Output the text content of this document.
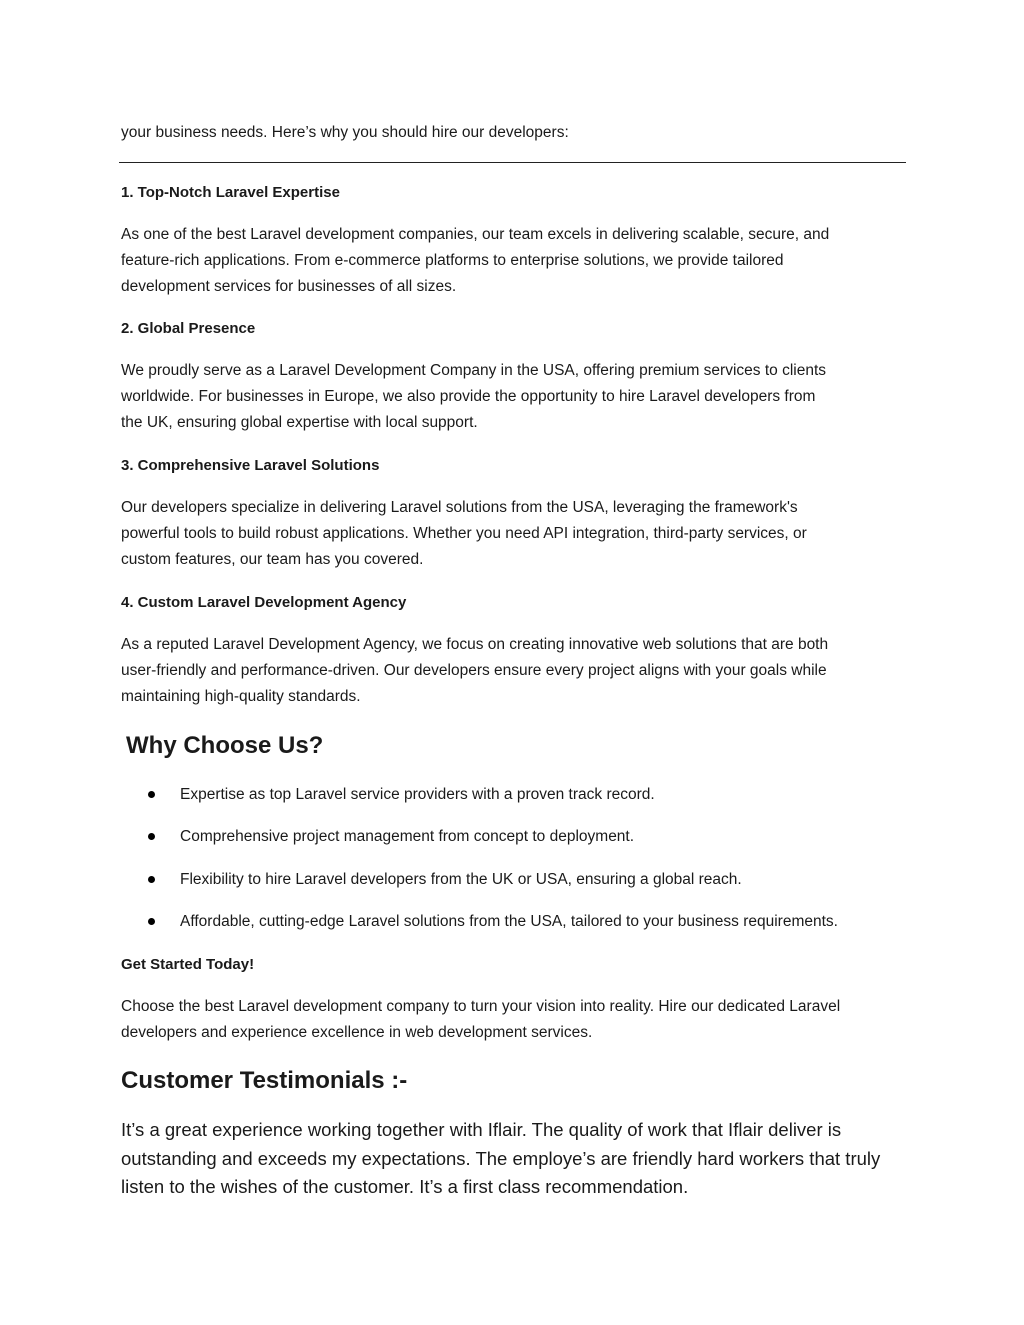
your business needs. Here’s why you should hire our developers:
1. Top-Notch Laravel Expertise
As one of the best Laravel development companies, our team excels in delivering scalable, secure, and
feature-rich applications. From e-commerce platforms to enterprise solutions, we provide tailored
development services for businesses of all sizes.
2. Global Presence
We proudly serve as a Laravel Development Company in the USA, offering premium services to clients
worldwide. For businesses in Europe, we also provide the opportunity to hire Laravel developers from
the UK, ensuring global expertise with local support.
3. Comprehensive Laravel Solutions
Our developers specialize in delivering Laravel solutions from the USA, leveraging the framework's
powerful tools to build robust applications. Whether you need API integration, third-party services, or
custom features, our team has you covered.
4. Custom Laravel Development Agency
As a reputed Laravel Development Agency, we focus on creating innovative web solutions that are both
user-friendly and performance-driven. Our developers ensure every project aligns with your goals while
maintaining high-quality standards.
Why Choose Us?
Expertise as top Laravel service providers with a proven track record.
Comprehensive project management from concept to deployment.
Flexibility to hire Laravel developers from the UK or USA, ensuring a global reach.
Affordable, cutting-edge Laravel solutions from the USA, tailored to your business requirements.
Get Started Today!
Choose the best Laravel development company to turn your vision into reality. Hire our dedicated Laravel
developers and experience excellence in web development services.
Customer Testimonials :-
It’s a great experience working together with Iflair. The quality of work that Iflair deliver is
outstanding and exceeds my expectations. The employe’s are friendly hard workers that truly
listen to the wishes of the customer. It’s a first class recommendation.
